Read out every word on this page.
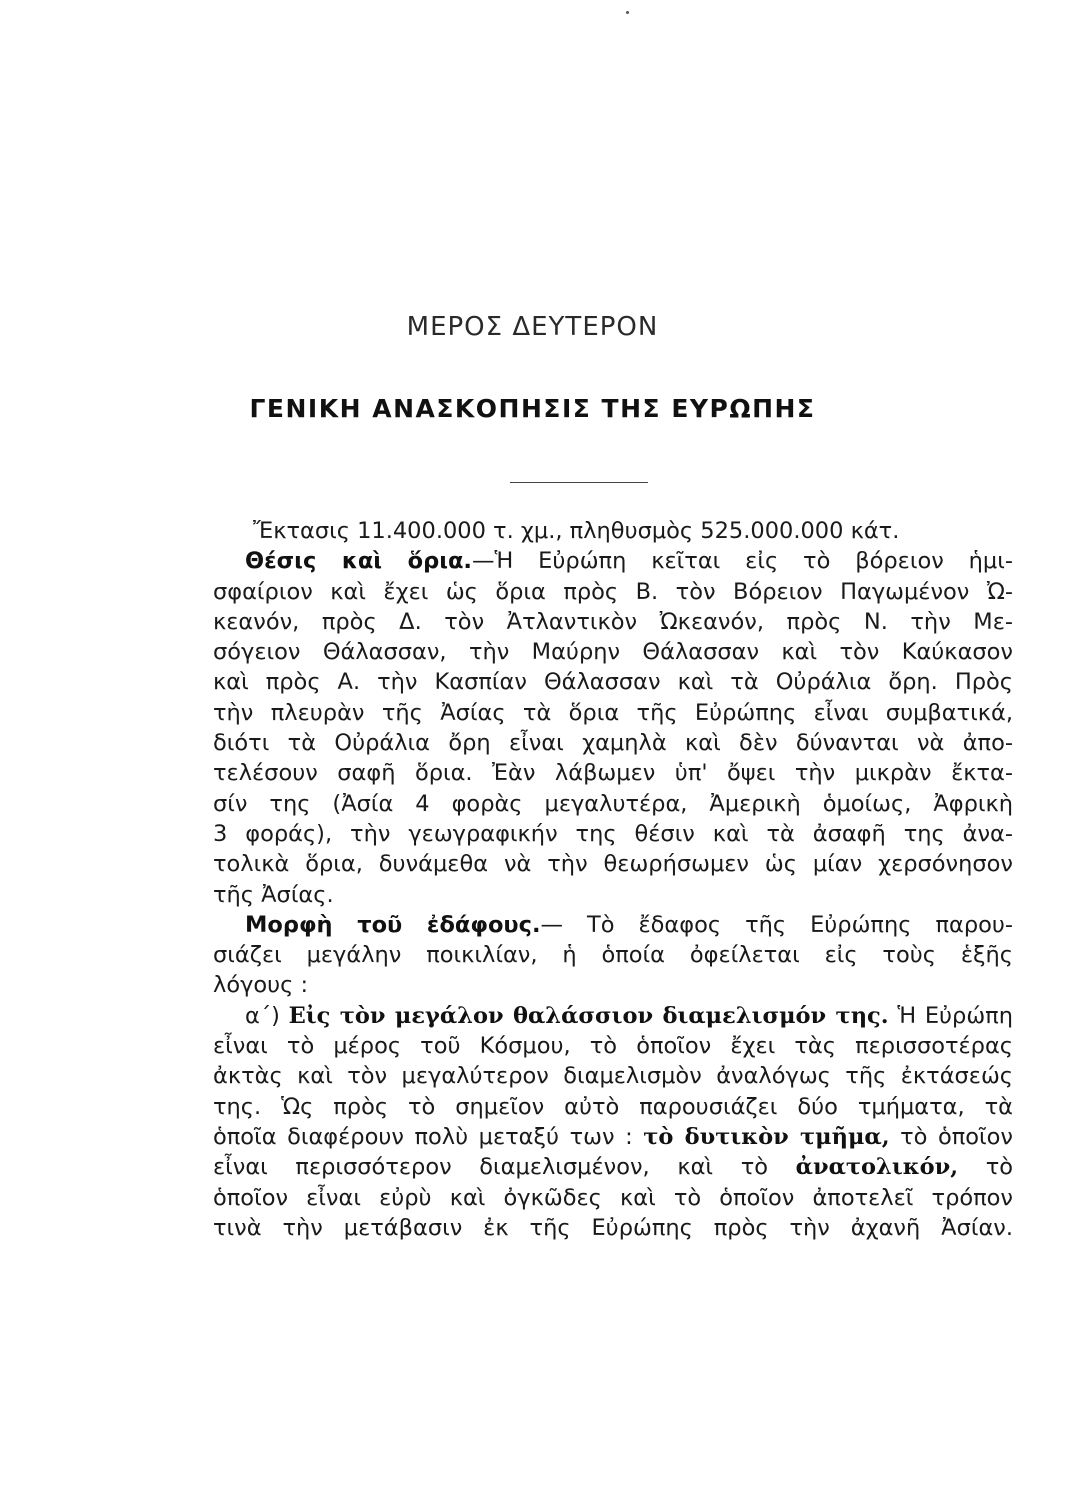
ΜΕΡΟΣ ΔΕΥΤΕΡΟΝ
ΓΕΝΙΚΗ ΑΝΑΣΚΟΠΗΣΙΣ ΤΗΣ ΕΥΡΩΠΗΣ
Ἔκτασις 11.400.000 τ. χμ., πληθυσμὸς 525.000.000 κάτ.
Θέσις καὶ ὅρια.—Ἡ Εὐρώπη κεῖται εἰς τὸ βόρειον ἡμι-
σφαίριον καὶ ἔχει ὡς ὅρια πρὸς Β. τὸν Βόρειον Παγωμένον Ὠ-
κεανόν, πρὸς Δ. τὸν Ἀτλαντικὸν Ὠκεανόν, πρὸς Ν. τὴν Με-
σόγειον Θάλασσαν, τὴν Μαύρην Θάλασσαν καὶ τὸν Καύκασον
καὶ πρὸς Α. τὴν Κασπίαν Θάλασσαν καὶ τὰ Οὐράλια ὄρη. Πρὸς
τὴν πλευρὰν τῆς Ἀσίας τὰ ὅρια τῆς Εὐρώπης εἶναι συμβατικά,
διότι τὰ Οὐράλια ὄρη εἶναι χαμηλὰ καὶ δὲν δύνανται νὰ ἀπο-
τελέσουν σαφῆ ὅρια. Ἐὰν λάβωμεν ὑπ' ὄψει τὴν μικρὰν ἔκτα-
σίν της (Ἀσία 4 φορὰς μεγαλυτέρα, Ἀμερικὴ ὁμοίως, Ἀφρικὴ
3 φοράς), τὴν γεωγραφικήν της θέσιν καὶ τὰ ἀσαφῆ της ἀνα-
τολικὰ ὅρια, δυνάμεθα νὰ τὴν θεωρήσωμεν ὡς μίαν χερσόνησον
τῆς Ἀσίας.
Μορφὴ τοῦ ἐδάφους.— Τὸ ἔδαφος τῆς Εὐρώπης παρου-
σιάζει μεγάλην ποικιλίαν, ἡ ὁποία ὀφείλεται εἰς τοὺς ἑξῆς
λόγους :
α΄) Εἰς τὸν μεγάλον θαλάσσιον διαμελισμόν της. Ἡ Εὐρώπη
εἶναι τὸ μέρος τοῦ Κόσμου, τὸ ὁποῖον ἔχει τὰς περισσοτέρας
ἀκτὰς καὶ τὸν μεγαλύτερον διαμελισμὸν ἀναλόγως τῆς ἐκτάσεώς
της. Ὡς πρὸς τὸ σημεῖον αὐτὸ παρουσιάζει δύο τμήματα, τὰ
ὁποῖα διαφέρουν πολὺ μεταξύ των : τὸ δυτικὸν τμῆμα, τὸ ὁποῖον
εἶναι περισσότερον διαμελισμένον, καὶ τὸ ἀνατολικόν, τὸ
ὁποῖον εἶναι εὐρὺ καὶ ὀγκῶδες καὶ τὸ ὁποῖον ἀποτελεῖ τρόπον
τινὰ τὴν μετάβασιν ἐκ τῆς Εὐρώπης πρὸς τὴν ἀχανῆ Ἀσίαν.
